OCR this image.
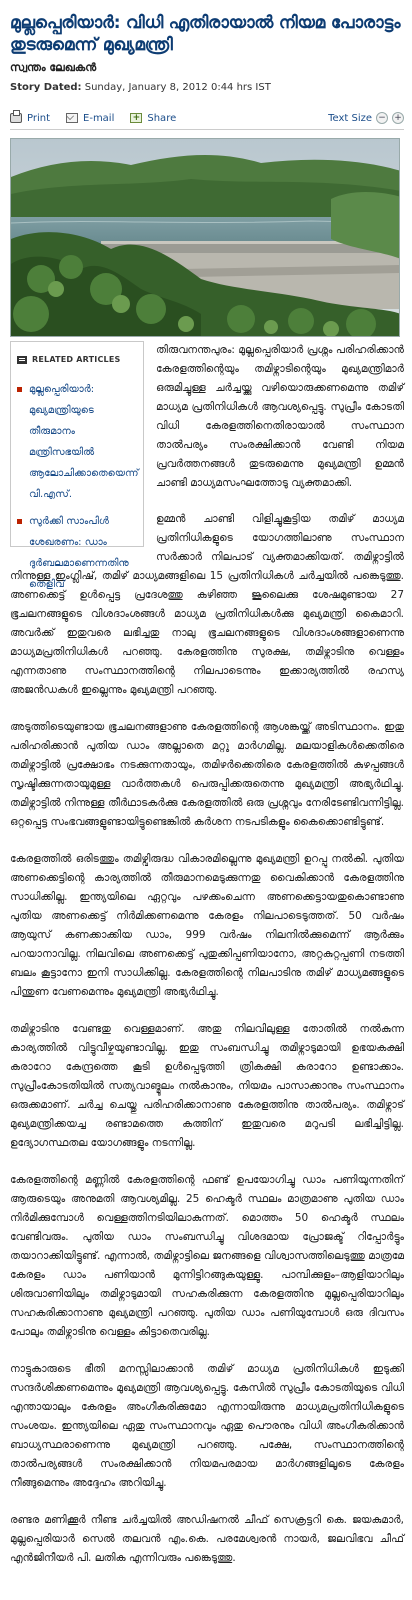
മുല്ലപ്പെരിയാര്‍: വിധി എതിരായാല്‍ നിയമ പോരാട്ടം തുടരുമെന്ന് മുഖ്യമന്ത്രി
സ്വന്തം ലേഖകന്‍
Story Dated: Sunday, January 8, 2012 0:44 hrs IST
Print	E-mail + Share	Text Size − +
RELATED ARTICLES
മുല്ലപ്പെരിയാര്‍: മുഖ്യമന്ത്രിയുടെ തീരുമാനം മന്ത്രിസഭയില്‍ ആലോചിക്കാതെയെന്ന് വി.എസ്.
സുര്‍ക്കി സാംപിള്‍ ശേഖരണം: ഡാം ദുര്‍ബലമാണെന്നതിനു തെളിവ്

തിരുവനന്തപുരം: മുല്ലപ്പെരിയാര്‍ പ്രശ്നം പരിഹരിക്കാന്‍ കേരളത്തിന്റെയും തമിഴ്നാടിന്റെയും മുഖ്യമന്ത്രിമാര്‍ ഒരുമിച്ചുള്ള ചര്‍ച്ചയ്ക്കു വഴിയൊരുക്കണമെന്നു തമിഴ് മാധ്യമ പ്രതിനിധികള്‍ ആവശ്യപ്പെട്ടു. സുപ്രീം കോടതി വിധി കേരളത്തിനെതിരായാല്‍ സംസ്ഥാന താല്‍പര്യം സംരക്ഷിക്കാന്‍ വേണ്ടി നിയമ പ്രവര്‍ത്തനങ്ങള്‍ തുടരുമെന്നു മുഖ്യമന്ത്രി ഉമ്മന്‍ ചാണ്ടി മാധ്യമസംഘത്തോടു വ്യക്തമാക്കി.

ഉമ്മന്‍ ചാണ്ടി വിളിച്ചുകൂട്ടിയ തമിഴ് മാധ്യമ പ്രതിനിധികളുടെ യോഗത്തിലാണു സംസ്ഥാന സര്‍ക്കാര്‍ നിലപാട് വ്യക്തമാക്കിയത്. തമിഴ്നാട്ടില്‍ നിന്നുള്ള ഇംഗ്ലിഷ്, തമിഴ് മാധ്യമങ്ങളിലെ 15 പ്രതിനിധികള്‍ ചര്‍ച്ചയില്‍ പങ്കെടുത്തു. അണക്കെട്ട് ഉള്‍പ്പെട്ട പ്രദേശത്തു കഴിഞ്ഞ ജൂലൈക്കു ശേഷമുണ്ടായ 27 ഭൂചലനങ്ങളുടെ വിശദാംശങ്ങള്‍ മാധ്യമ പ്രതിനിധികള്‍ക്കു മുഖ്യമന്ത്രി കൈമാറി. അവര്‍ക്ക് ഇതുവരെ ലഭിച്ചതു നാലു ഭൂചലനങ്ങളുടെ വിശദാംശങ്ങളാണെന്നു മാധ്യമപ്രതിനിധികള്‍ പറഞ്ഞു. കേരളത്തിനു സുരക്ഷ, തമിഴ്നാടിനു വെള്ളം എന്നതാണു സംസ്ഥാനത്തിന്റെ നിലപാടെന്നും ഇക്കാര്യത്തില്‍ രഹസ്യ അജന്‍ഡകള്‍ ഇല്ലെന്നും മുഖ്യമന്ത്രി പറഞ്ഞു.

അടുത്തിടെയുണ്ടായ ഭൂചലനങ്ങളാണു കേരളത്തിന്റെ ആശങ്കയ്ക്ക് അടിസ്ഥാനം. ഇതു പരിഹരിക്കാന്‍ പുതിയ ഡാം അല്ലാതെ മറ്റു മാര്‍ഗമില്ല. മലയാളികള്‍ക്കെതിരെ തമിഴ്നാട്ടില്‍ പ്രക്ഷോഭം നടക്കുന്നതായും, തമിഴര്‍ക്കെതിരെ കേരളത്തില്‍ കുഴപ്പങ്ങള്‍ സൃഷ്ടിക്കുന്നതായുമുള്ള വാര്‍ത്തകള്‍ പെരുപ്പിക്കരുതെന്നു മുഖ്യമന്ത്രി അഭ്യര്‍ഥിച്ചു. തമിഴ്നാട്ടില്‍ നിന്നുള്ള തീര്‍ഥാടകര്‍ക്കു കേരളത്തില്‍ ഒരു പ്രശ്നവും നേരിടേണ്ടിവന്നിട്ടില്ല. ഒറ്റപ്പെട്ട സംഭവങ്ങളുണ്ടായിട്ടുണ്ടെങ്കില്‍ കര്‍ശന നടപടികളും കൈക്കൊണ്ടിട്ടുണ്ട്.

കേരളത്തില്‍ ഒരിടത്തും തമിഴ്വിരുദ്ധ വികാരമില്ലെന്നു മുഖ്യമന്ത്രി ഉറപ്പു നല്‍കി. പുതിയ അണക്കെട്ടിന്റെ കാര്യത്തില്‍ തീരുമാനമെടുക്കുന്നതു വൈകിക്കാന്‍ കേരളത്തിനു സാധിക്കില്ല. ഇന്ത്യയിലെ ഏറ്റവും പഴക്കംചെന്ന അണക്കെട്ടായതുകൊണ്ടാണു പുതിയ അണക്കെട്ട് നിര്‍മിക്കണമെന്നു കേരളം നിലപാടെടുത്തത്. 50 വര്‍ഷം ആയുസ് കണക്കാക്കിയ ഡാം, 999 വര്‍ഷം നിലനില്‍ക്കുമെന്ന് ആര്‍ക്കും പറയാനാവില്ല. നിലവിലെ അണക്കെട്ട് പുതുക്കിപ്പണിയാനോ, അറ്റകുറ്റപ്പണി നടത്തി ബലം കൂട്ടാനോ ഇനി സാധിക്കില്ല. കേരളത്തിന്റെ നിലപാടിനു തമിഴ് മാധ്യമങ്ങളുടെ പിന്തുണ വേണമെന്നും മുഖ്യമന്ത്രി അഭ്യര്‍ഥിച്ചു.

തമിഴ്നാടിനു വേണ്ടതു വെള്ളമാണ്. അതു നിലവിലുള്ള തോതില്‍ നല്‍കുന്ന കാര്യത്തില്‍ വിട്ടുവീഴ്ചയുണ്ടാവില്ല. ഇതു സംബന്ധിച്ചു തമിഴ്നാടുമായി ഉഭയകക്ഷി കരാറോ കേന്ദ്രത്തെ കൂടി ഉള്‍പ്പെടുത്തി ത്രികക്ഷി കരാറോ ഉണ്ടാക്കാം. സുപ്രീംകോടതിയില്‍ സത്യവാങ്മൂലം നല്‍കാനും, നിയമം പാസാക്കാനും സംസ്ഥാനം ഒരുക്കമാണ്. ചര്‍ച്ച ചെയ്തു പരിഹരിക്കാനാണു കേരളത്തിനു താല്‍പര്യം. തമിഴ്നാട് മുഖ്യമന്ത്രിക്കയച്ച രണ്ടാമത്തെ കത്തിന് ഇതുവരെ മറുപടി ലഭിച്ചിട്ടില്ല. ഉദ്യോഗസ്ഥതല യോഗങ്ങളും നടന്നില്ല.

കേരളത്തിന്റെ മണ്ണില്‍ കേരളത്തിന്റെ ഫണ്ട് ഉപയോഗിച്ചു ഡാം പണിയുന്നതിന് ആരുടെയും അനുമതി ആവശ്യമില്ല. 25 ഹെക്ടര്‍ സ്ഥലം മാത്രമാണു പുതിയ ഡാം നിര്‍മിക്കുമ്പോള്‍ വെള്ളത്തിനടിയിലാകുന്നത്. മൊത്തം 50 ഹെക്ടര്‍ സ്ഥലം വേണ്ടിവരും. പുതിയ ഡാം സംബന്ധിച്ചു വിശദമായ പ്രോജക്ട് റിപ്പോര്‍ട്ടും തയാറാക്കിയിട്ടുണ്ട്. എന്നാല്‍, തമിഴ്നാട്ടിലെ ജനങ്ങളെ വിശ്വാസത്തിലെടുത്തു മാത്രമേ കേരളം ഡാം പണിയാന്‍ മുന്നിട്ടിറങ്ങുകയുള്ളു. പാമ്പിക്കുളം–ആളിയാറിലും ശിരുവാണിയിലും തമിഴ്നാടുമായി സഹകരിക്കുന്ന കേരളത്തിനു മുല്ലപ്പെരിയാറിലും സഹകരിക്കാനാണു മുഖ്യമന്ത്രി പറഞ്ഞു. പുതിയ ഡാം പണിയുമ്പോള്‍ ഒരു ദിവസം പോലും തമിഴ്നാടിനു വെള്ളം കിട്ടാതെവരില്ല.

നാട്ടുകാരുടെ ഭീതി മനസ്സിലാക്കാന്‍ തമിഴ് മാധ്യമ പ്രതിനിധികള്‍ ഇടുക്കി സന്ദര്‍ശിക്കണമെന്നും മുഖ്യമന്ത്രി ആവശ്യപ്പെട്ടു. കേസില്‍ സുപ്രീം കോടതിയുടെ വിധി എന്തായാലും കേരളം അംഗീകരിക്കുമോ എന്നായിരുന്നു മാധ്യമപ്രതിനിധികളുടെ സംശയം. ഇന്ത്യയിലെ ഏതു സംസ്ഥാനവും ഏതു പൌരനും വിധി അംഗീകരിക്കാന്‍ ബാധ്യസ്ഥരാണെന്നു മുഖ്യമന്ത്രി പറഞ്ഞു. പക്ഷേ, സംസ്ഥാനത്തിന്റെ താല്‍പര്യങ്ങള്‍ സംരക്ഷിക്കാന്‍ നിയമപരമായ മാര്‍ഗങ്ങളിലൂടെ കേരളം നീങ്ങുമെന്നും അദ്ദേഹം അറിയിച്ചു.

രണ്ടര മണിക്കൂര്‍ നീണ്ട ചര്‍ച്ചയില്‍ അഡിഷനല്‍ ചീഫ് സെക്രട്ടറി കെ. ജയകുമാര്‍, മുല്ലപ്പെരിയാര്‍ സെല്‍ തലവന്‍ എം.കെ. പരമേശ്വരന്‍ നായര്‍, ജലവിഭവ ചീഫ് എന്‍ജിനീയര്‍ പി. ലതിക എന്നിവരും പങ്കെടുത്തു.
